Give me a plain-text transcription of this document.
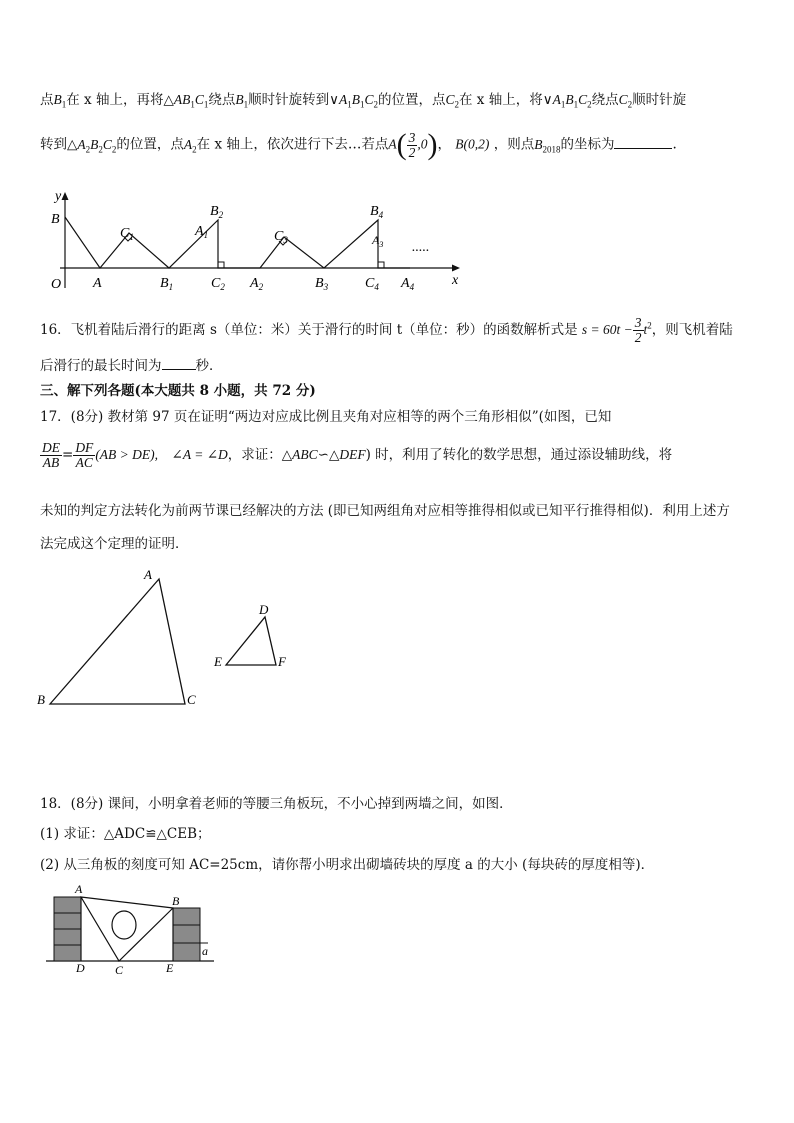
点$B_1$在 x 轴上，再将$\triangle AB_1C_1$绕点$B_1$顺时针旋转到$\vee A_1B_1C_2$的位置，点$C_2$在 x 轴上，将$\vee A_1B_1C_2$绕点$C_2$顺时针旋
转到$\triangle A_2B_2C_2$的位置，点$A_2$在 x 轴上，依次进行下去…若点$A( \frac{3}{2} ,0)$， B(0,2) ，则点$B_{2018}$的坐标为	.
y
x
O
B
A
$C_1$
$B_1$
$B_2$
$A_1$
$C_2$ $A_2$
$C_3$
$B_3$
$B_4$
$A_3$
$C_4$ $A_4$
.....
16．飞机着陆后滑行的距离 s（单位：米）关于滑行的时间 t（单位：秒）的函数解析式是 $s = 60t - \frac{3}{2} t^2$，则飞机着陆
后滑行的最长时间为	秒．
三、解下列各题(本大题共 8 小题，共 72 分)
17．(8分) 教材第 97 页在证明“两边对应成比例且夹角对应相等的两个三角形相似”(如图，已知
$\frac{DE}{AB} = \frac{DF}{AC} (AB > DE)$,　∠A = ∠D，求证：△ABC∽△DEF) 时，利用了转化的数学思想，通过添设辅助线，将
未知的判定方法转化为前两节课已经解决的方法 (即已知两组角对应相等推得相似或已知平行推得相似)．利用上述方
法完成这个定理的证明．
A
B	C
D
E	F
18．(8分) 课间，小明拿着老师的等腰三角板玩，不小心掉到两墙之间，如图．
(1) 求证：△ADC≌△CEB；
(2) 从三角板的刻度可知 AC=25cm，请你帮小明求出砌墙砖块的厚度 a 的大小 (每块砖的厚度相等)．
A
B
C
D	E
a
